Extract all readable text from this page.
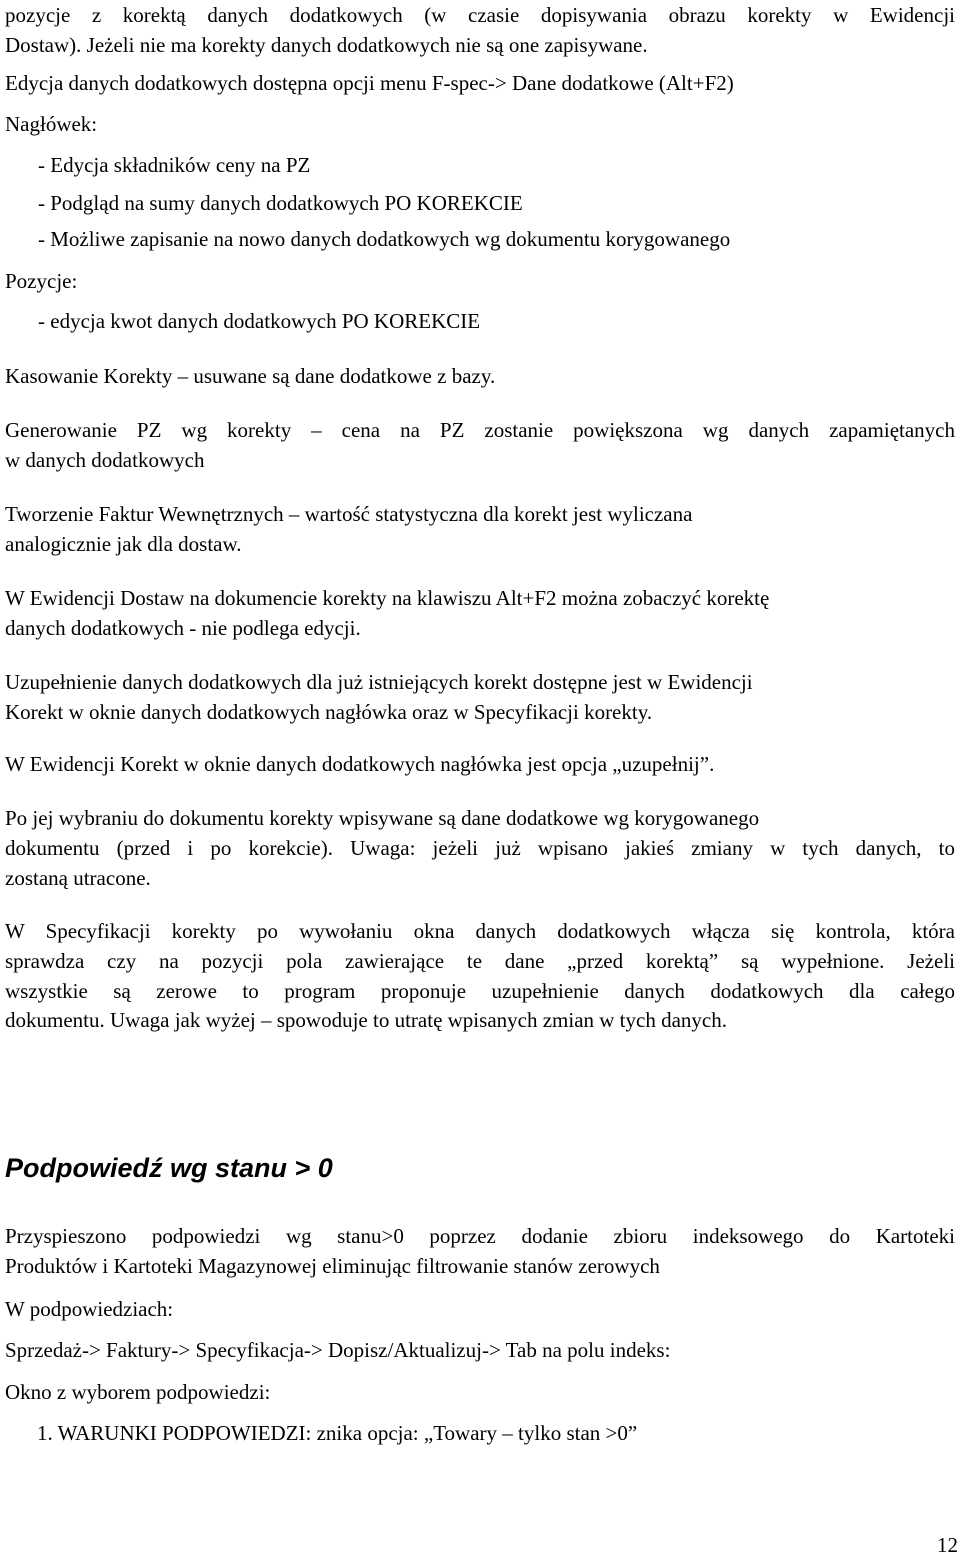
pozycje z korektą danych dodatkowych (w czasie dopisywania obrazu korekty w Ewidencji
Dostaw). Jeżeli nie ma korekty danych dodatkowych nie są one zapisywane.
Edycja danych dodatkowych dostępna opcji menu F-spec-> Dane dodatkowe (Alt+F2)
Nagłówek:
- Edycja składników ceny na PZ
- Podgląd na sumy danych dodatkowych PO KOREKCIE
- Możliwe zapisanie na nowo danych dodatkowych wg dokumentu korygowanego
Pozycje:
- edycja kwot danych dodatkowych PO KOREKCIE
Kasowanie Korekty – usuwane są dane dodatkowe z bazy.
Generowanie PZ wg korekty – cena na PZ zostanie powiększona wg danych zapamiętanych
w danych dodatkowych
Tworzenie Faktur Wewnętrznych – wartość statystyczna dla korekt jest wyliczana
analogicznie jak dla dostaw.
W Ewidencji Dostaw na dokumencie korekty na klawiszu Alt+F2 można zobaczyć korektę
danych dodatkowych - nie podlega edycji.
Uzupełnienie danych dodatkowych dla już istniejących korekt dostępne jest w Ewidencji
Korekt w oknie danych dodatkowych nagłówka oraz w Specyfikacji korekty.
W Ewidencji Korekt w oknie danych dodatkowych nagłówka jest opcja „uzupełnij”.
Po jej wybraniu do dokumentu korekty wpisywane są dane dodatkowe wg korygowanego
dokumentu (przed i po korekcie). Uwaga: jeżeli już wpisano jakieś zmiany w tych danych, to
zostaną utracone.
W Specyfikacji korekty po wywołaniu okna danych dodatkowych włącza się kontrola, która
sprawdza czy na pozycji pola zawierające te dane „przed korektą” są wypełnione. Jeżeli
wszystkie są zerowe to program proponuje uzupełnienie danych dodatkowych dla całego
dokumentu. Uwaga jak wyżej – spowoduje to utratę wpisanych zmian w tych danych.
Podpowiedź wg stanu > 0
Przyspieszono podpowiedzi wg stanu>0 poprzez dodanie zbioru indeksowego do Kartoteki
Produktów i Kartoteki Magazynowej eliminując filtrowanie stanów zerowych
W podpowiedziach:
Sprzedaż-> Faktury-> Specyfikacja-> Dopisz/Aktualizuj-> Tab na polu indeks:
Okno z wyborem podpowiedzi:
1. WARUNKI PODPOWIEDZI: znika opcja: „Towary – tylko stan >0”
12
